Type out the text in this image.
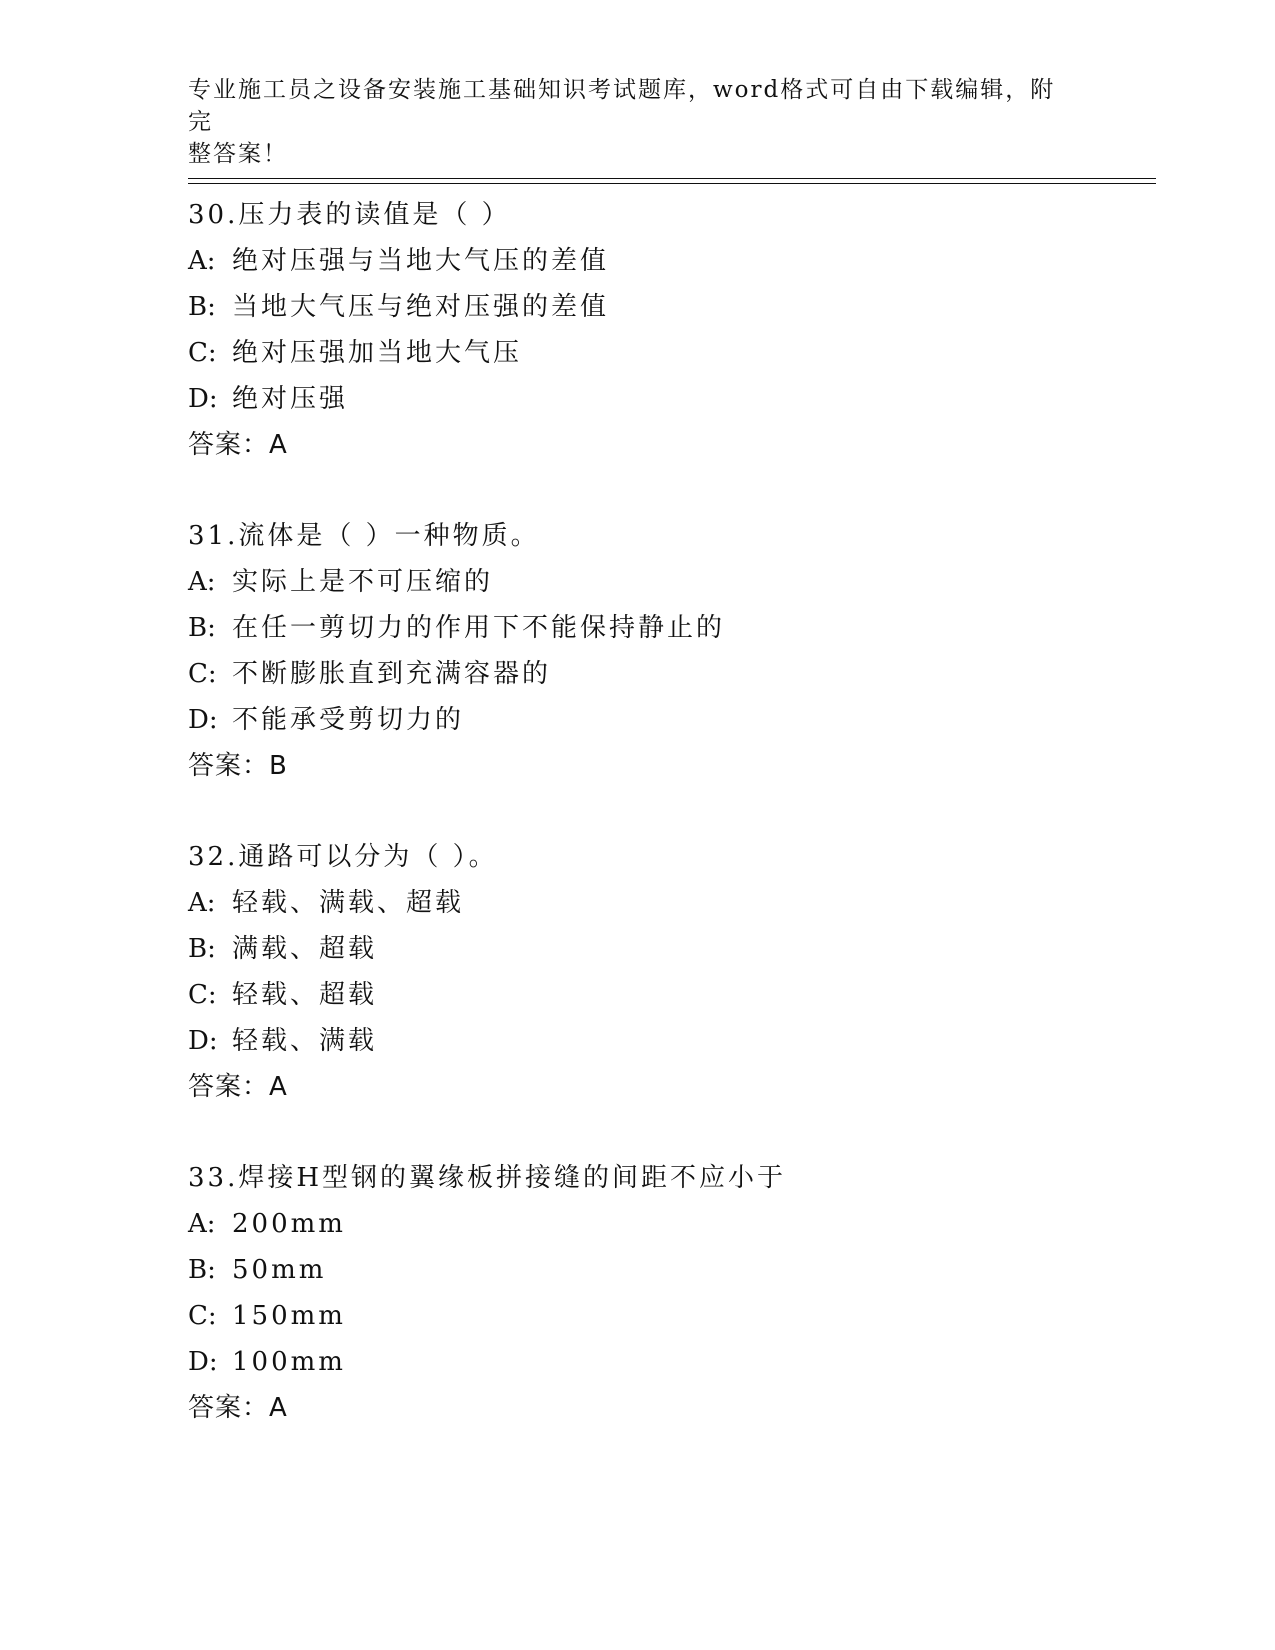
专业施工员之设备安装施工基础知识考试题库，word格式可自由下载编辑，附完
整答案！
30.压力表的读值是（ ）
A: 绝对压强与当地大气压的差值
B: 当地大气压与绝对压强的差值
C: 绝对压强加当地大气压
D: 绝对压强
答案：A
31.流体是（ ）一种物质。
A: 实际上是不可压缩的
B: 在任一剪切力的作用下不能保持静止的
C: 不断膨胀直到充满容器的
D: 不能承受剪切力的
答案：B
32.通路可以分为（ ）。
A: 轻载、满载、超载
B: 满载、超载
C: 轻载、超载
D: 轻载、满载
答案：A
33.焊接H型钢的翼缘板拼接缝的间距不应小于
A: 200mm
B: 50mm
C: 150mm
D: 100mm
答案：A
